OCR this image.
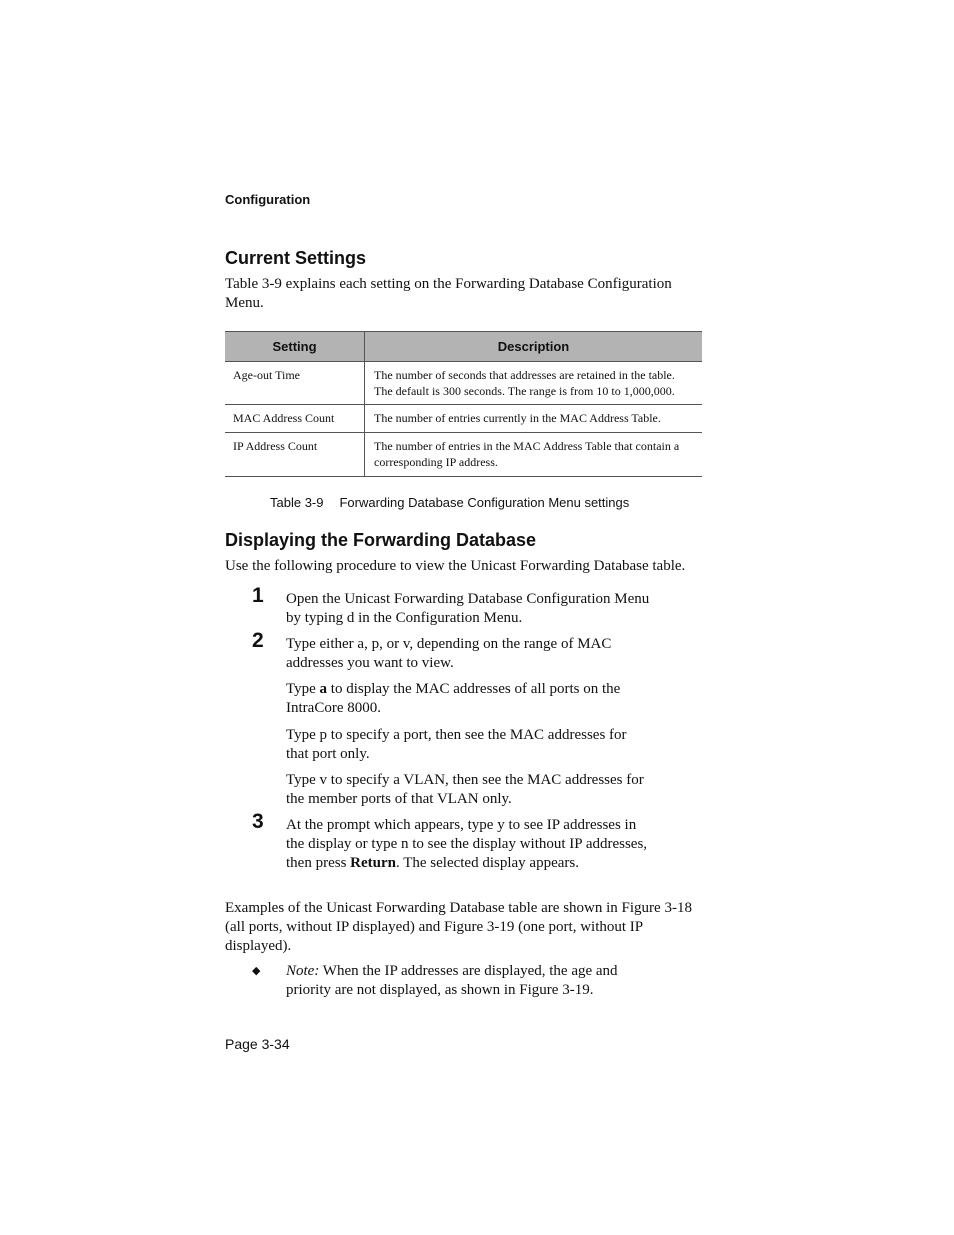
Configuration
Current Settings
Table 3-9 explains each setting on the Forwarding Database Configuration Menu.
Setting	Description
Age-out Time	The number of seconds that addresses are retained in the table. The default is 300 seconds. The range is from 10 to 1,000,000.
MAC Address Count	The number of entries currently in the MAC Address Table.
IP Address Count	The number of entries in the MAC Address Table that contain a corresponding IP address.
Table 3-9 Forwarding Database Configuration Menu settings
Displaying the Forwarding Database
Use the following procedure to view the Unicast Forwarding Database table.
1 Open the Unicast Forwarding Database Configuration Menu by typing d in the Configuration Menu.
2 Type either a, p, or v, depending on the range of MAC addresses you want to view.
Type a to display the MAC addresses of all ports on the IntraCore 8000.
Type p to specify a port, then see the MAC addresses for that port only.
Type v to specify a VLAN, then see the MAC addresses for the member ports of that VLAN only.
3 At the prompt which appears, type y to see IP addresses in the display or type n to see the display without IP addresses, then press Return. The selected display appears.
Examples of the Unicast Forwarding Database table are shown in Figure 3-18 (all ports, without IP displayed) and Figure 3-19 (one port, without IP displayed).
◆ Note: When the IP addresses are displayed, the age and priority are not displayed, as shown in Figure 3-19.
Page 3-34
